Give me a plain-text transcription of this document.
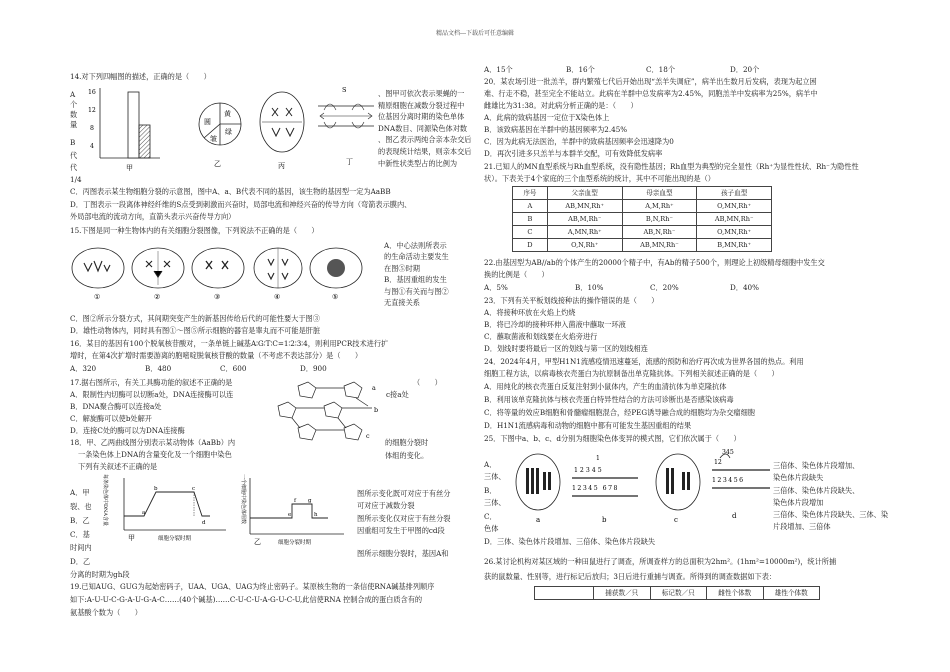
精品文档---下载后可任意编辑
14.对下列四幅图的描述，正确的是（　　）
A
个
数
量
B
代
代
1/4
16
12
8
4
甲
黄
绿
圆
皱
乙	丙
S
丁
、图甲可依次表示果蝇的一
精原细胞在减数分裂过程中
位基因分离时期的染色单体
DNA数目、同源染色体对数
、图乙表示两纯合亲本杂交后
的表现统计结果，则亲本交后
中新性状类型占的比例为
C．丙图表示某生物细胞分裂的示意图，图中A、a、B代表不同的基因，该生物的基因型一定为AaBB
D．丁图表示一段离体神经纤维的S点受到刺激而兴奋时，局部电流和神经兴奋的传导方向（弯箭表示膜内、
外局部电流的流动方向，直箭头表示兴奋传导方向）
15.下图是同一种生物体内的有关细胞分裂图像，下列说法不正确的是（　　）
①	②	③	④	⑤
A．中心法则所表示
的生命活动主要发生
在图⑤时期
B．基因重组的发生
与图①有关而与图②
无直接关系
C．图②所示分裂方式，其间期突变产生的新基因传给后代的可能性要大于图③
D．雄性动物体内，同时具有图①～图⑤所示细胞的器官是睾丸而不可能是肝脏
16．某目的基因有100个脱氧核苷酸对，一条单链上碱基A∶G∶T∶C=1∶2∶3∶4，则利用PCR技术进行扩
增时，在第4次扩增时需要游离的胞嘧啶脱氧核苷酸的数量（不考虑不表达部分）是（　　）
A．320	B．480	C．600	D．900
17.据右图所示，有关工具酶功能的叙述不正确的是	（　　）
A．限制性内切酶可以切断a处，DNA连接酶可以连	c接a处
B．DNA聚合酶可以连接a处
C．解旋酶可以使b处解开
D．连接C处的酶可以为DNA连接酶
a
b
c
18．甲、乙两曲线图分别表示某动物体（AaBb）内	的细胞分裂时
一条染色体上DNA的含量变化及一个细胞中染色	体组的变化。
下列有关叙述不正确的是
A．甲
裂、也
B．乙
C．基
时间内
D．乙
分离的时期为gh段
每条染色体中DNA含量	a
b	c
d
甲	细胞分裂时期
一个细胞中染色体组数	e
f g
h
乙	细胞分裂时期
图所示变化既可对应于有丝分
可对应于减数分裂
图所示变化仅对应于有丝分裂
因重组可发生于甲图的cd段
图所示细胞分裂时，基因A和
19.已知AUG、GUG为起始密码子，UAA、UGA、UAG为终止密码子。某原核生物的一条信使RNA碱基排列顺序
如下:A-U-U-C-G-A-U-G-A-C……(40个碱基)……C-U-C-U-A-G-U-C-U,此信使RNA 控制合成的蛋白质含有的
氨基酸个数为（　　）
A．15个	B．16个	C．18个	D．20个
20．某农场引进一批羔羊，群内繁殖七代后开始出现“羔羊失调症”，病羊出生数月后发病，表现为起立困
难、行走不稳，甚至完全不能站立。此病在羊群中总发病率为2.45%，同胞羔羊中发病率为25%，病羊中
雌雄比为31:38。对此病分析正确的是：（　　）
A．此病的致病基因一定位于X染色体上
B．该致病基因在羊群中的基因频率为2.45%
C．因为此病无法医治，羊群中的致病基因频率会迅速降为0
D．再次引进多只羔羊与本群羊交配，可有效降低发病率
21.已知人的MN血型系统与Rh血型系统，没有隐性基因；Rh血型为典型的完全显性（Rh⁺为显性性状、Rh⁻为隐性性
状）。下表关于4个家庭的三个血型系统的统计，其中不可能出现的是（）
序号	父亲血型	母亲血型	孩子血型
A	AB,MN,Rh⁺	A,M,Rh⁺	O,MN,Rh⁺
B	AB,M,Rh⁻	B,N,Rh⁻	AB,MN,Rh⁻
C	A,MN,Rh⁺	AB,N,Rh⁻	O,MN,Rh⁺
D	O,N,Rh⁺	AB,MN,Rh⁻	B,MN,Rh⁺
22.由基因型为AB//ab的个体产生的20000个精子中，有Ab的精子500个，则理论上初级精母细胞中发生交
换的比例是（　　）
A．5%	B．10%	C．20%	D．40%
23．下列有关平板划线接种法的操作错误的是（　　）
A．将接种环放在火焰上灼烧
B．将已冷却的接种环伸入菌液中蘸取一环液
C．蘸取菌液和划线要在火焰旁进行
D．划线时要将最后一区的划线与第一区的划线相连
24．2024年4月，甲型H1N1流感疫情迅速蔓延，流感的预防和治疗再次成为世界各国的热点。利用
细胞工程方法，以病毒核衣壳蛋白为抗原制备出单克隆抗体。下列相关叙述正确的是（　　）
A．用纯化的核衣壳蛋白反复注射到小鼠体内，产生的血清抗体为单克隆抗体
B．利用该单克隆抗体与核衣壳蛋白特异性结合的方法可诊断出是否感染该病毒
C．将等量的效应B细胞和骨髓瘤细胞混合，经PEG诱导融合成的细胞均为杂交瘤细胞
D．H1N1流感病毒和动物的细胞中都有可能发生基因重组的结果
25．下图中a、b、c、d分别为细胞染色体变异的模式图，它们依次属于（　　）
A．
三体、
B．
三体、
C．
色体
D．三体、染色体片段增加、三倍体、染色体片段缺失
a
12345
12345 678
1
b	c
345
12
123456
d
三倍体、染色体片段增加、
染色体片段缺失
三倍体、染色体片段缺失、
染色体片段增加
三倍体、染色体片段缺失、三体、染
片段增加、三倍体
26.某讨论机构对某区域的一种田鼠进行了调查，所调查样方的总面积为2hm²。(1hm²=10000m²)，统计所捕
获的鼠数量、性别等，进行标记后放归；3日后进行重捕与调查。所得到的调查数据如下表：
	捕获数／只	标记数／只	雌性个体数	雄性个体数
